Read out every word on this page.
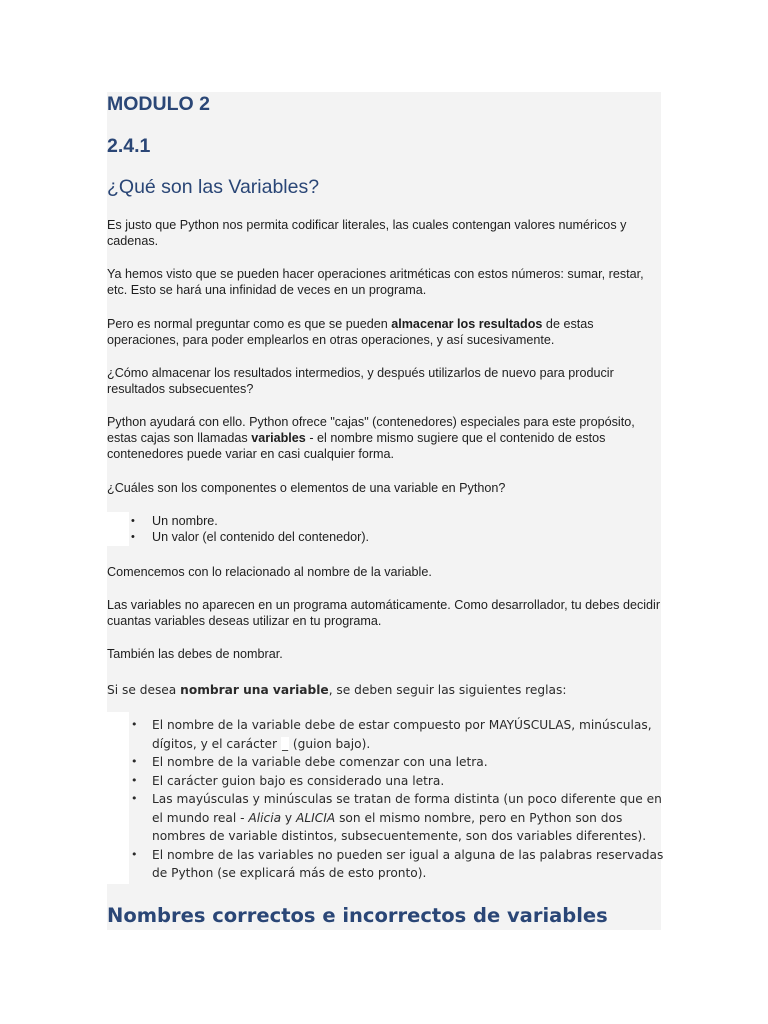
MODULO 2
2.4.1
¿Qué son las Variables?

Es justo que Python nos permita codificar literales, las cuales contengan valores numéricos y cadenas.

Ya hemos visto que se pueden hacer operaciones aritméticas con estos números: sumar, restar, etc. Esto se hará una infinidad de veces en un programa.

Pero es normal preguntar como es que se pueden almacenar los resultados de estas operaciones, para poder emplearlos en otras operaciones, y así sucesivamente.

¿Cómo almacenar los resultados intermedios, y después utilizarlos de nuevo para producir resultados subsecuentes?

Python ayudará con ello. Python ofrece "cajas" (contenedores) especiales para este propósito, estas cajas son llamadas variables - el nombre mismo sugiere que el contenido de estos contenedores puede variar en casi cualquier forma.

¿Cuáles son los componentes o elementos de una variable en Python?

• Un nombre.
• Un valor (el contenido del contenedor).

Comencemos con lo relacionado al nombre de la variable.

Las variables no aparecen en un programa automáticamente. Como desarrollador, tu debes decidir cuantas variables deseas utilizar en tu programa.

También las debes de nombrar.

Si se desea nombrar una variable, se deben seguir las siguientes reglas:

• El nombre de la variable debe de estar compuesto por MAYÚSCULAS, minúsculas, dígitos, y el carácter _ (guion bajo).
• El nombre de la variable debe comenzar con una letra.
• El carácter guion bajo es considerado una letra.
• Las mayúsculas y minúsculas se tratan de forma distinta (un poco diferente que en el mundo real - Alicia y ALICIA son el mismo nombre, pero en Python son dos nombres de variable distintos, subsecuentemente, son dos variables diferentes).
• El nombre de las variables no pueden ser igual a alguna de las palabras reservadas de Python (se explicará más de esto pronto).
Nombres correctos e incorrectos de variables
